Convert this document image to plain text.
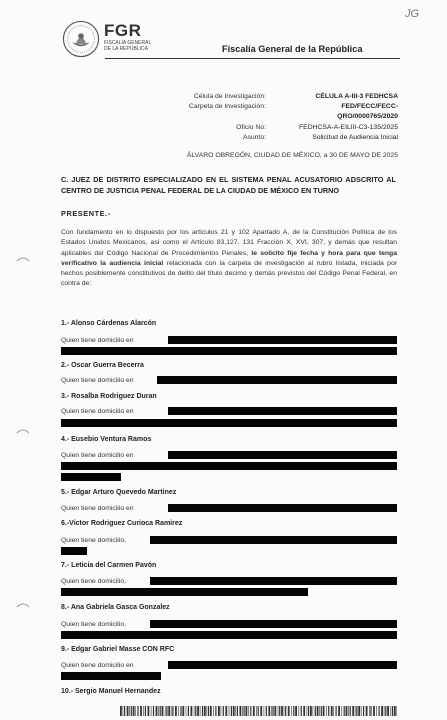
FGR
FISCALÍA GENERAL
DE LA REPÚBLICA	Fiscalía General de la República
JG
Célula de Investigación:	CÉLULA A-III-3 FEDHCSA
Carpeta de Investigación:	FED/FECC/FECC-
QRO/0000765/2020
Oficio No:	FEDHCSA-A-EILIII-C3-135/2025
Asunto:	Solicitud de Audiencia Inicial
ÁLVARO OBREGÓN, CIUDAD DE MÉXICO, a 30 DE MAYO DE 2025
C. JUEZ DE DISTRITO ESPECIALIZADO EN EL SISTEMA PENAL ACUSATORIO ADSCRITO AL CENTRO DE JUSTICIA PENAL FEDERAL DE LA CIUDAD DE MÉXICO EN TURNO
PRESENTE.-
Con fundamento en lo dispuesto por los artículos 21 y 102 Apartado A, de la Constitución Política de los Estados Unidos Mexicanos, así como el Artículo 83,127, 131 Fracción X, XVI, 307, y demás que resultan aplicables del Código Nacional de Procedimientos Penales, le solicito fije fecha y hora para que tenga verificativo la audiencia inicial relacionada con la carpeta de investigación al rubro listada, iniciada por hechos posiblemente constitutivos de delito del título decimo y demás previstos del Código Penal Federal, en contra de:
1.- Alonso Cárdenas Alarcón
Quien tiene domicilio en
2.- Oscar Guerra Becerra
Quien tiene domicilio en
3.- Rosalba Rodriguez Duran
Quien tiene domicilio en
4.- Eusebio Ventura Ramos
Quien tiene domicilio en
5.- Edgar Arturo Quevedo Martinez
Quien tiene domicilio en
6.-Victor Rodriguez Curioca Ramirez
Quien tiene domicilio,
7.- Leticia del Carmen Pavón
Quien tiene domicilio,
8.- Ana Gabriela Gasca Gonzalez
Quien tiene domicilio,
9.- Edgar Gabriel Masse CON RFC
Quien tiene domicilio en
10.- Sergio Manuel Hernandez
